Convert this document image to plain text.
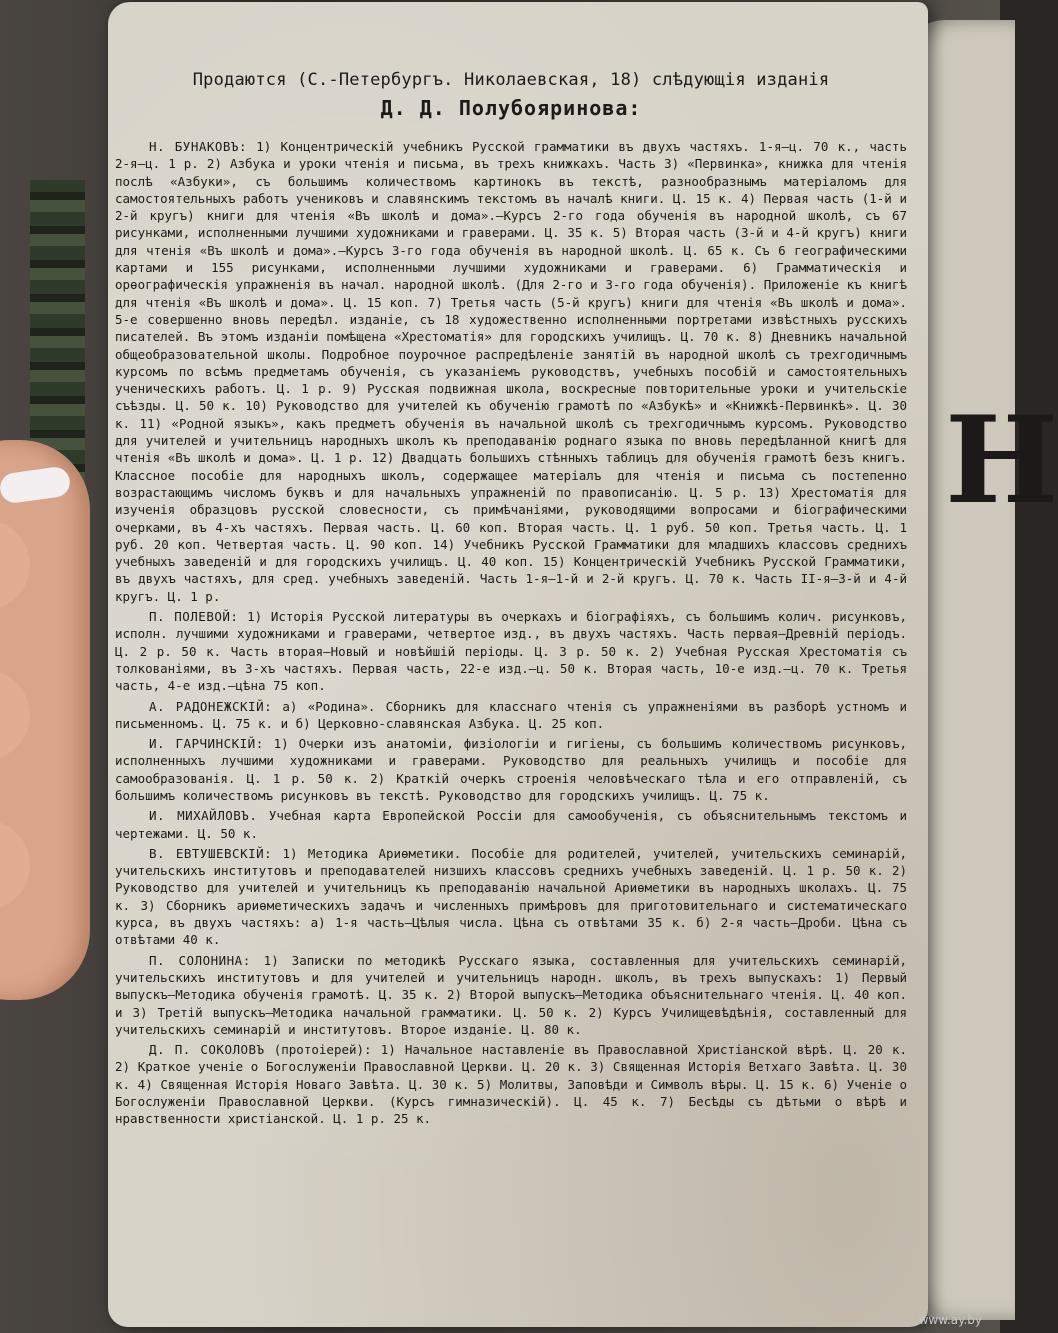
Н
Продаются (С.-Петербургъ. Николаевская, 18) слѣдующія изданія
Д. Д. Полубояринова:

Н. БУНАКОВЪ: 1) Концентрическій учебникъ Русской грамматики въ двухъ частяхъ. 1-я—ц. 70 к., часть 2-я—ц. 1 р. 2) Азбука и уроки чтенія и письма, въ трехъ книжкахъ. Часть 3) «Первинка», книжка для чтенія послѣ «Азбуки», съ большимъ количествомъ картинокъ въ текстѣ, разнообразнымъ матеріаломъ для самостоятельныхъ работъ учениковъ и славянскимъ текстомъ въ началѣ книги. Ц. 15 к. 4) Первая часть (1-й и 2-й кругъ) книги для чтенія «Въ школѣ и дома».—Курсъ 2-го года обученія въ народной школѣ, съ 67 рисунками, исполненными лучшими художниками и граверами. Ц. 35 к. 5) Вторая часть (3-й и 4-й кругъ) книги для чтенія «Въ школѣ и дома».—Курсъ 3-го года обученія въ народной школѣ. Ц. 65 к. Съ 6 географическими картами и 155 рисунками, исполненными лучшими художниками и граверами. 6) Грамматическія и орѳографическія упражненія въ начал. народной школѣ. (Для 2-го и 3-го года обученія). Приложеніе къ книгѣ для чтенія «Въ школѣ и дома». Ц. 15 коп. 7) Третья часть (5-й кругъ) книги для чтенія «Въ школѣ и дома». 5-е совершенно вновь передѣл. изданіе, съ 18 художественно исполненными портретами извѣстныхъ русскихъ писателей. Въ этомъ изданіи помѣщена «Хрестоматія» для городскихъ училищъ. Ц. 70 к. 8) Дневникъ начальной общеобразовательной школы. Подробное поурочное распредѣленіе занятій въ народной школѣ съ трехгодичнымъ курсомъ по всѣмъ предметамъ обученія, съ указаніемъ руководствъ, учебныхъ пособій и самостоятельныхъ ученическихъ работъ. Ц. 1 р. 9) Русская подвижная школа, воскресные повторительные уроки и учительскіе съѣзды. Ц. 50 к. 10) Руководство для учителей къ обученію грамотѣ по «Азбукѣ» и «Книжкѣ-Первинкѣ». Ц. 30 к. 11) «Родной языкъ», какъ предметъ обученія въ начальной школѣ съ трехгодичнымъ курсомъ. Руководство для учителей и учительницъ народныхъ школъ къ преподаванію роднаго языка по вновь передѣланной книгѣ для чтенія «Въ школѣ и дома». Ц. 1 р. 12) Двадцать большихъ стѣнныхъ таблицъ для обученія грамотѣ безъ книгъ. Классное пособіе для народныхъ школъ, содержащее матеріалъ для чтенія и письма съ постепенно возрастающимъ числомъ буквъ и для начальныхъ упражненій по правописанію. Ц. 5 р. 13) Хрестоматія для изученія образцовъ русской словесности, съ примѣчаніями, руководящими вопросами и біографическими очерками, въ 4-хъ частяхъ. Первая часть. Ц. 60 коп. Вторая часть. Ц. 1 руб. 50 коп. Третья часть. Ц. 1 руб. 20 коп. Четвертая часть. Ц. 90 коп. 14) Учебникъ Русской Грамматики для младшихъ классовъ среднихъ учебныхъ заведеній и для городскихъ училищъ. Ц. 40 коп. 15) Концентрическій Учебникъ Русской Грамматики, въ двухъ частяхъ, для сред. учебныхъ заведеній. Часть 1-я—1-й и 2-й кругъ. Ц. 70 к. Часть II-я—3-й и 4-й кругъ. Ц. 1 р.

П. ПОЛЕВОЙ: 1) Исторія Русской литературы въ очеркахъ и біографіяхъ, съ большимъ колич. рисунковъ, исполн. лучшими художниками и граверами, четвертое изд., въ двухъ частяхъ. Часть первая—Древній періодъ. Ц. 2 р. 50 к. Часть вторая—Новый и новѣйшій періоды. Ц. 3 р. 50 к. 2) Учебная Русская Хрестоматія съ толкованіями, въ 3-хъ частяхъ. Первая часть, 22-е изд.—ц. 50 к. Вторая часть, 10-е изд.—ц. 70 к. Третья часть, 4-е изд.—цѣна 75 коп.

А. РАДОНЕЖСКІЙ: а) «Родина». Сборникъ для класснаго чтенія съ упражненіями въ разборѣ устномъ и письменномъ. Ц. 75 к. и б) Церковно-славянская Азбука. Ц. 25 коп.

И. ГАРЧИНСКІЙ: 1) Очерки изъ анатоміи, физіологіи и гигіены, съ большимъ количествомъ рисунковъ, исполненныхъ лучшими художниками и граверами. Руководство для реальныхъ училищъ и пособіе для самообразованія. Ц. 1 р. 50 к. 2) Краткій очеркъ строенія человѣческаго тѣла и его отправленій, съ большимъ количествомъ рисунковъ въ текстѣ. Руководство для городскихъ училищъ. Ц. 75 к.

И. МИХАЙЛОВЪ. Учебная карта Европейской Россіи для самообученія, съ объяснительнымъ текстомъ и чертежами. Ц. 50 к.

В. ЕВТУШЕВСКІЙ: 1) Методика Ариѳметики. Пособіе для родителей, учителей, учительскихъ семинарій, учительскихъ институтовъ и преподавателей низшихъ классовъ среднихъ учебныхъ заведеній. Ц. 1 р. 50 к. 2) Руководство для учителей и учительницъ къ преподаванію начальной Ариѳметики въ народныхъ школахъ. Ц. 75 к. 3) Сборникъ ариѳметическихъ задачъ и численныхъ примѣровъ для приготовительнаго и систематическаго курса, въ двухъ частяхъ: а) 1-я часть—Цѣлыя числа. Цѣна съ отвѣтами 35 к. б) 2-я часть—Дроби. Цѣна съ отвѣтами 40 к.

П. СОЛОНИНА: 1) Записки по методикѣ Русскаго языка, составленныя для учительскихъ семинарій, учительскихъ институтовъ и для учителей и учительницъ народн. школъ, въ трехъ выпускахъ: 1) Первый выпускъ—Методика обученія грамотѣ. Ц. 35 к. 2) Второй выпускъ—Методика объяснительнаго чтенія. Ц. 40 коп. и 3) Третій выпускъ—Методика начальной грамматики. Ц. 50 к. 2) Курсъ Училищевѣдѣнія, составленный для учительскихъ семинарій и институтовъ. Второе изданіе. Ц. 80 к.

Д. П. СОКОЛОВЪ (протоіерей): 1) Начальное наставленіе въ Православной Христіанской вѣрѣ. Ц. 20 к. 2) Краткое ученіе о Богослуженіи Православной Церкви. Ц. 20 к. 3) Священная Исторія Ветхаго Завѣта. Ц. 30 к. 4) Священная Исторія Новаго Завѣта. Ц. 30 к. 5) Молитвы, Заповѣди и Символъ вѣры. Ц. 15 к. 6) Ученіе о Богослуженіи Православной Церкви. (Курсъ гимназическій). Ц. 45 к. 7) Бесѣды съ дѣтьми о вѣрѣ и нравственности христіанской. Ц. 1 р. 25 к.

www.ay.by
